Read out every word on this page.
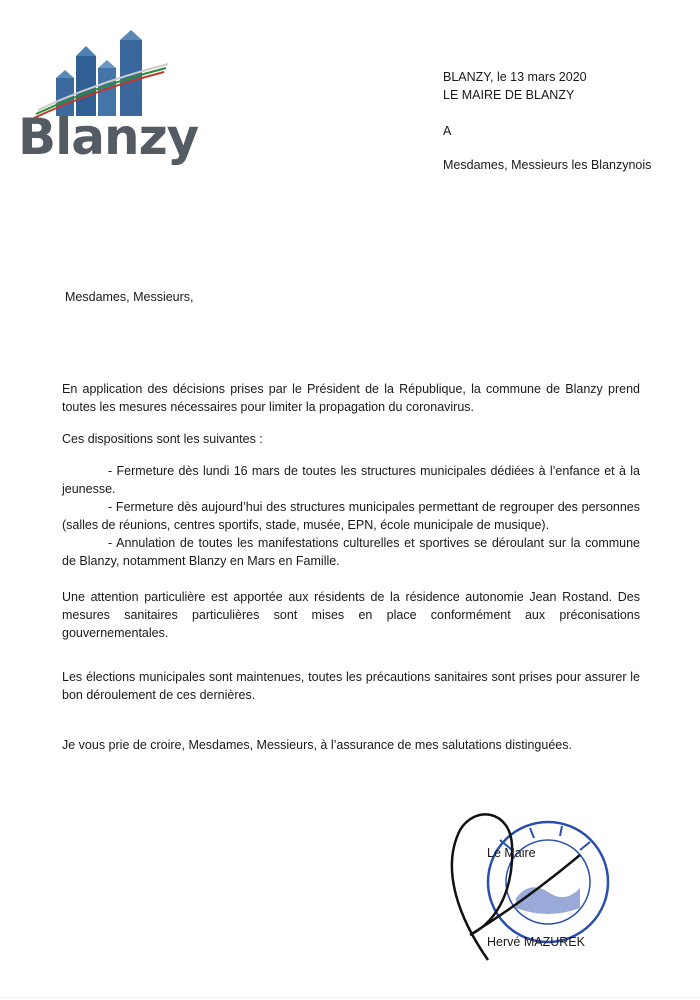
Blanzy
BLANZY, le 13 mars 2020
LE MAIRE DE BLANZY
A
Mesdames, Messieurs les Blanzynois
Mesdames, Messieurs,

En application des décisions prises par le Président de la République, la commune de Blanzy prend toutes les mesures nécessaires pour limiter la propagation du coronavirus.

Ces dispositions sont les suivantes :

- Fermeture dès lundi 16 mars de toutes les structures municipales dédiées à l’enfance et à la jeunesse.
- Fermeture dès aujourd’hui des structures municipales permettant de regrouper des personnes (salles de réunions, centres sportifs, stade, musée, EPN, école municipale de musique).
- Annulation de toutes les manifestations culturelles et sportives se déroulant sur la commune de Blanzy, notamment Blanzy en Mars en Famille.

Une attention particulière est apportée aux résidents de la résidence autonomie Jean Rostand. Des mesures sanitaires particulières sont mises en place conformément aux préconisations gouvernementales.

Les élections municipales sont maintenues, toutes les précautions sanitaires sont prises pour assurer le bon déroulement de ces dernières.

Je vous prie de croire, Mesdames, Messieurs, à l’assurance de mes salutations distinguées.
Le Maire
Hervé MAZUREK
